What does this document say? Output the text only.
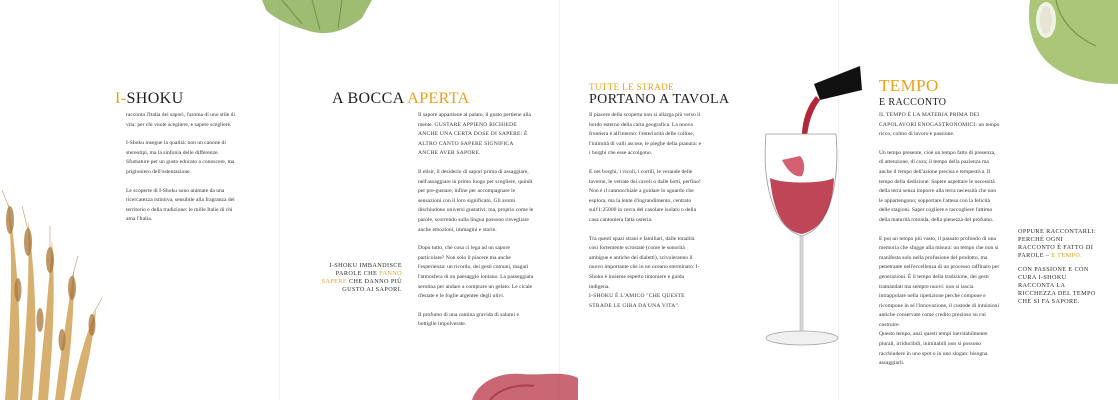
I-SHOKU

racconta l'Italia dei sapori, l'aroma di uno stile di vita: per chi vuole scegliere, e sapere scegliere.

I-Shoku insegue la qualità: non un canone di stereotipi, ma la sinfonia delle differenze. Sfumature per un gusto educato a conoscere, ma prigioniero dell'ostentazione.

Le scoperte di I-Shoku sono animate da una ricercatezza istintiva, sensibile alla fragranza del territorio e della tradizione: le mille Italie di chi ama l'Italia.

A BOCCA APERTA
I-SHOKU IMBANDISCE PAROLE CHE FANNO SAPERE CHE DANNO PIÙ GUSTO AI SAPORI.

Il sapore appartiene al palato, il gusto pertiene alla mente. GUSTARE APPIENO RICHIEDE ANCHE UNA CERTA DOSE DI SAPERE: È ALTRO CANTO SAPERE SIGNIFICA ANCHE AVER SAPORE.

Il elisir, il desiderio di sapori prima di assaggiare, nell'assaggiare in primo luogo per scegliere, quindi per pre-gustare, infine per accompagnare le sensazioni con il loro significato. Gli aromi dischiudono universi gustativi, ma, proprio come le parole, scorrendo sulla lingua possono risvegliare anche emozioni, immagini e storie.

Dopo tutto, che cosa ci lega ad un sapore particolare? Non solo il piacere ma anche l'esperienza: un ricordo, dei gesti comuni, magari l'atmosfera di un paesaggio lontano. La passeggiata serotina per andare a comprare un gelato. Le cicale d'estate e le foglie argentee degli ulivi.

Il profumo di una cantina gravida di salumi e bottiglie impolverate.

TUTTE LE STRADE
PORTANO A TAVOLA

Il piacere della scoperta non si allarga più verso il bordo esterno della carta geografica. La nuova frontiera è all'interno: l'esteriorità delle colline, l'intimità di valli ascose, le pieghe della pianura: e i borghi che esse accolgono.

E nei borghi, i vicoli, i cortili, le verande delle taverne, le vetrate dei caveli o dalle botti, perfino! Non è il cannocchiale a guidare lo sguardo che esplora, ma la lente d'ingrandimento, centrato sull'1:25000 in cerca del casolare isolato o della casa cantoniera fatta osteria.

Tra questi spazi strani e familiari, dalle tonalità così fortemente scrostate (come le sonorità ambigue e antiche dei dialetti), scivoleranno il nuovo importante che in un oceano sterminato: I-Shoku è insieme esperto timoniere e guida indigena.

I-SHOKU È L'AMICO "CHE QUESTE STRADE LE GIRA DA UNA VITA".

TEMPO
E RACCONTO

IL TEMPO È LA MATERIA PRIMA DEI CAPOLAVORI ENOGASTRONOMICI: un tempo ricco, colmo di lavoro e passione.

Un tempo presente, cioè un tempo fatto di presenza, di attenzione, di cura; il tempo della pazienza ma anche il tempo dell'azione precisa e tempestiva. Il tempo della dedizione. Sapere aspettare le necessità della terra senza imporre alla terra necessità che non le appartengono; sopportare l'attesa con la felicità delle stagioni. Saper cogliere e raccogliere l'attimo della maturità rotonda, della pienezza del profumo.

E poi un tempo più vasto, il passato profondo di una memoria che sfugge alla misura: un tempo che non si manifesta solo nella profusione del prodotto, ma penetrante nell'eccellenza di un processo raffinato per generazioni. È il tempo della tradizione, dei gesti tramandati ma sempre nuovi: non si lascia intrappolare nella ripetizione perché compone e ricompone in sé l'innovazione, il custode di intuizioni antiche conservate come credito prezioso su cui costruire.

Questo tempo, anzi questi tempi inevitabilmente plurali, irriducibili, inimitabili non si possono racchiudere in uno spot o in uno slogan: bisogna assaggiarli.

OPPURE RACCONTARLI: PERCHÉ OGNI RACCONTO È FATTO DI PAROLE – E TEMPO.
CON PASSIONE E CON CURA I-SHOKU RACCONTA LA RICCHEZZA DEL TEMPO CHE SI FA SAPORE.
